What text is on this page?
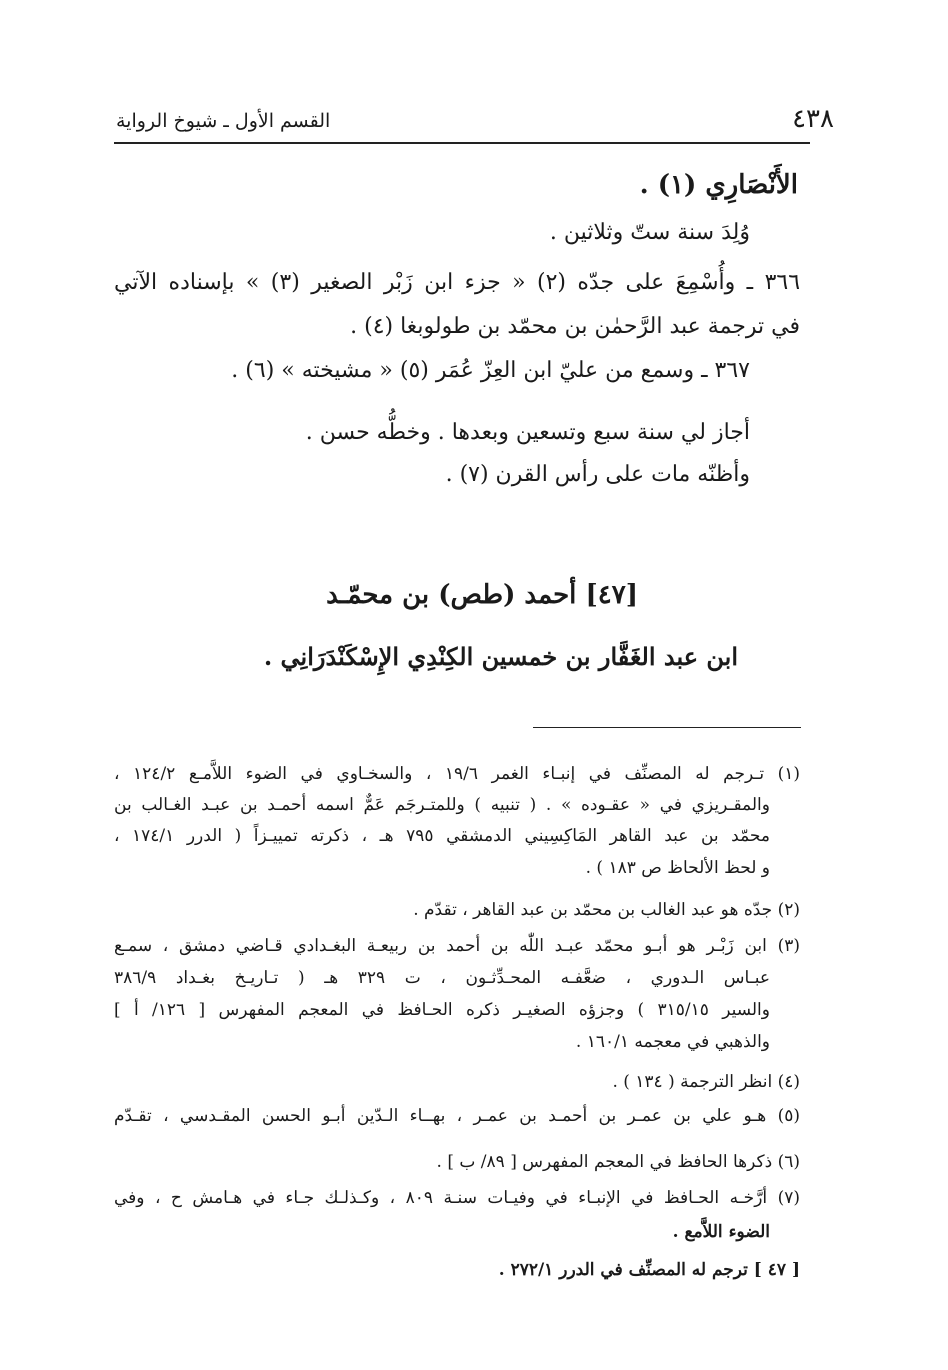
٤٣٨
القسم الأول ـ شيوخ الرواية
الأَنْصَارِي (١) .
وُلِدَ سنة ستّ وثلاثين .
٣٦٦ ـ وأُسْمِعَ على جدّه (٢) « جزء ابن زَبْر الصغير (٣) » بإسناده الآتي
في ترجمة عبد الرَّحمٰن بن محمّد بن طولوبغا (٤) .
٣٦٧ ـ وسمع من عليّ ابن العِزّ عُمَر (٥) « مشيخته » (٦) .
أجاز لي سنة سبع وتسعين وبعدها . وخطُّه حسن .
وأظنّه مات على رأس القرن (٧) .
[٤٧] أحمد (طص) بن محمّـد
ابن عبد الغَفَّار بن خمسين الكِنْدِي الإِسْكَنْدَرَانِي .
(١) تـرجم له المصنِّف في إنبـاء الغمر ١٩/٦ ، والسخـاوي في الضوء اللاَّمـع ١٢٤/٢ ،
والمقـريزي في « عقـوده » . ( تنبيه ) وللمتـرجَم عَمٌّ اسمه أحمـد بن عبـد الغـالب بن
محمّد بن عبد القاهر المَاكِسِيني الدمشقي ٧٩٥ هـ ، ذكرته تمييـزاً ( الدرر ١٧٤/١ ،
و لحظ الألحاظ ص ١٨٣ ) .
(٢) جدّه هو عبد الغالب بن محمّد بن عبد القاهر ، تقدّم .
(٣) ابن زَبْـر هو أبـو محمّد عبـد اللّٰه بن أحمد بن ربيعـة البغـدادي قـاضي دمشق ، سمـع
عبـاس الـدوري ، ضعَّفـه المحـدِّثـون ، ت ٣٢٩ هـ ( تـاريـخ بغـداد ٣٨٦/٩
والسير ٣١٥/١٥ ) وجزؤه الصغيـر ذكره الحـافظ في المعجم المفهرس [ ١٢٦/ أ ]
والذهبي في معجمه ١٦٠/١ .
(٤) انظر الترجمة ( ١٣٤ ) .
(٥) هـو علي بن عمـر بن أحمـد بن عمـر ، بهــاء الـدّين أبـو الحسن المقـدسي ، تقـدّم
(٦) ذكرها الحافظ في المعجم المفهرس [ ٨٩/ ب ] .
(٧) أرَّخـه الحـافظ في الإنبـاء في وفيـات سنـة ٨٠٩ ، وكـذلـك جـاء في هـامش ح ، وفي
الضوء اللاَّمع .
[ ٤٧ ] ترجم له المصنِّف في الدرر ٢٧٢/١ .
